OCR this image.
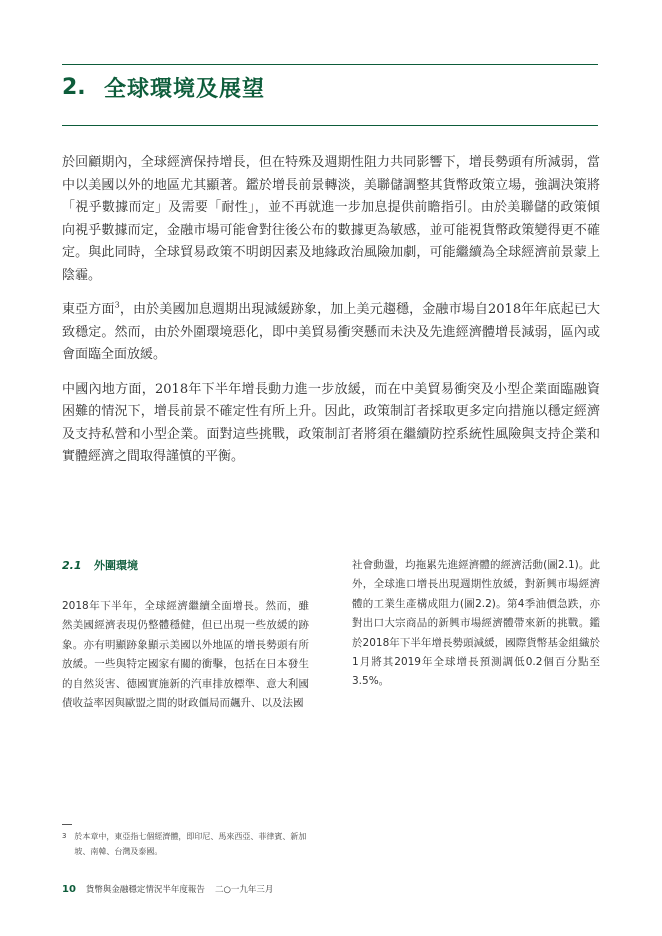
2. 全球環境及展望

於回顧期內，全球經濟保持增長，但在特殊及週期性阻力共同影響下，增長勢頭有所減弱，當中以美國以外的地區尤其顯著。鑑於增長前景轉淡，美聯儲調整其貨幣政策立場，強調決策將「視乎數據而定」及需要「耐性」，並不再就進一步加息提供前瞻指引。由於美聯儲的政策傾向視乎數據而定，金融市場可能會對往後公布的數據更為敏感，並可能視貨幣政策變得更不確定。與此同時，全球貿易政策不明朗因素及地緣政治風險加劇，可能繼續為全球經濟前景蒙上陰霾。

東亞方面$^3$，由於美國加息週期出現減緩跡象，加上美元趨穩，金融市場自2018年年底起已大致穩定。然而，由於外圍環境惡化，即中美貿易衝突懸而未決及先進經濟體增長減弱，區內或會面臨全面放緩。

中國內地方面，2018年下半年增長動力進一步放緩，而在中美貿易衝突及小型企業面臨融資困難的情況下，增長前景不確定性有所上升。因此，政策制訂者採取更多定向措施以穩定經濟及支持私營和小型企業。面對這些挑戰，政策制訂者將須在繼續防控系統性風險與支持企業和實體經濟之間取得謹慎的平衡。

2.1	外圍環境

2018年下半年，全球經濟繼續全面增長。然而，雖然美國經濟表現仍整體穩健，但已出現一些放緩的跡象。亦有明顯跡象顯示美國以外地區的增長勢頭有所放緩。一些與特定國家有關的衝擊，包括在日本發生的自然災害、德國實施新的汽車排放標準、意大利國債收益率因與歐盟之間的財政僵局而飆升、以及法國

社會動盪，均拖累先進經濟體的經濟活動(圖2.1)。此外，全球進口增長出現週期性放緩，對新興市場經濟體的工業生產構成阻力(圖2.2)。第4季油價急跌，亦對出口大宗商品的新興市場經濟體帶來新的挑戰。鑑於2018年下半年增長勢頭減緩，國際貨幣基金組織於1月將其2019年全球增長預測調低0.2個百分點至3.5%。

3 於本章中，東亞指七個經濟體，即印尼、馬來西亞、菲律賓、新加坡、南韓、台灣及泰國。
10 貨幣與金融穩定情況半年度報告 二○一九年三月
